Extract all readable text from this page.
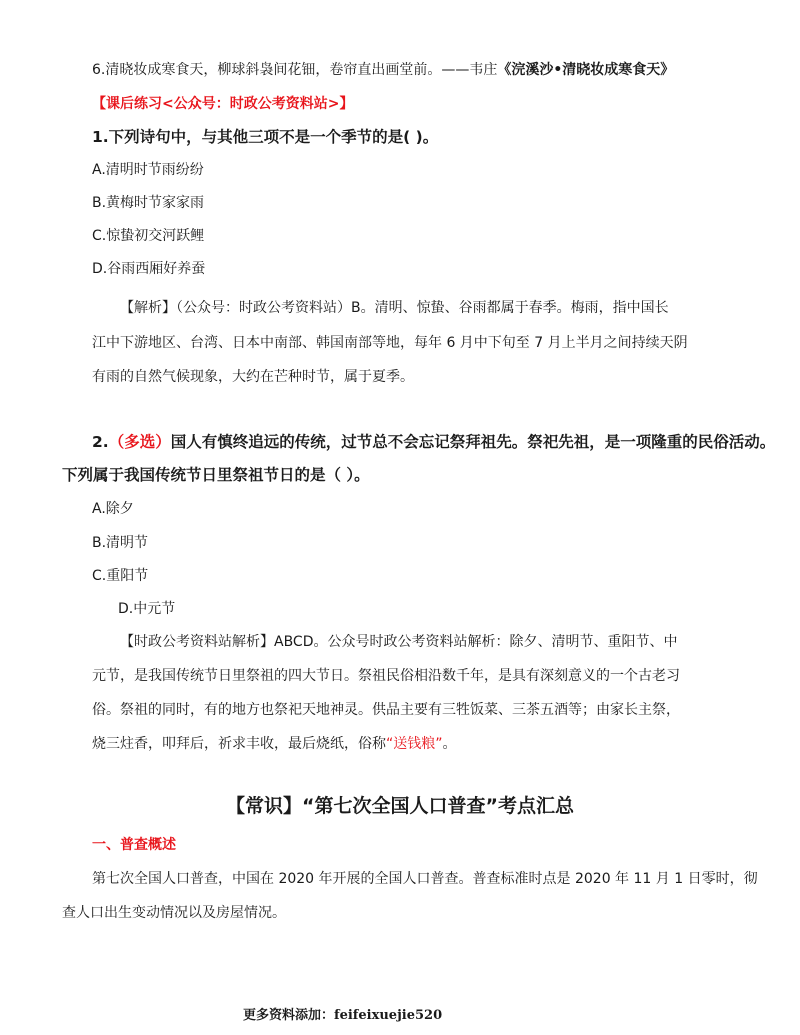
6.清晓妆成寒食天，柳球斜袅间花钿，卷帘直出画堂前。——韦庄《浣溪沙•清晓妆成寒食天》
【课后练习<公众号：时政公考资料站>】
1.下列诗句中，与其他三项不是一个季节的是( )。
A.清明时节雨纷纷
B.黄梅时节家家雨
C.惊蛰初交河跃鲤
D.谷雨西厢好养蚕
【解析】（公众号：时政公考资料站）B。清明、惊蛰、谷雨都属于春季。梅雨，指中国长
江中下游地区、台湾、日本中南部、韩国南部等地，每年 6 月中下旬至 7 月上半月之间持续天阴
有雨的自然气候现象，大约在芒种时节，属于夏季。
2.（多选）国人有慎终追远的传统，过节总不会忘记祭拜祖先。祭祀先祖，是一项隆重的民俗活动。
下列属于我国传统节日里祭祖节日的是（ ）。
A.除夕
B.清明节
C.重阳节
D.中元节
【时政公考资料站解析】ABCD。公众号时政公考资料站解析：除夕、清明节、重阳节、中
元节，是我国传统节日里祭祖的四大节日。祭祖民俗相沿数千年，是具有深刻意义的一个古老习
俗。祭祖的同时，有的地方也祭祀天地神灵。供品主要有三牲饭菜、三茶五酒等；由家长主祭，
烧三炷香，叩拜后，祈求丰收，最后烧纸，俗称“送钱粮”。
【常识】“第七次全国人口普查”考点汇总
一、普查概述
第七次全国人口普查，中国在 2020 年开展的全国人口普查。普查标准时点是 2020 年 11 月 1 日零时，彻
查人口出生变动情况以及房屋情况。
更多资料添加：feifeixuejie520
